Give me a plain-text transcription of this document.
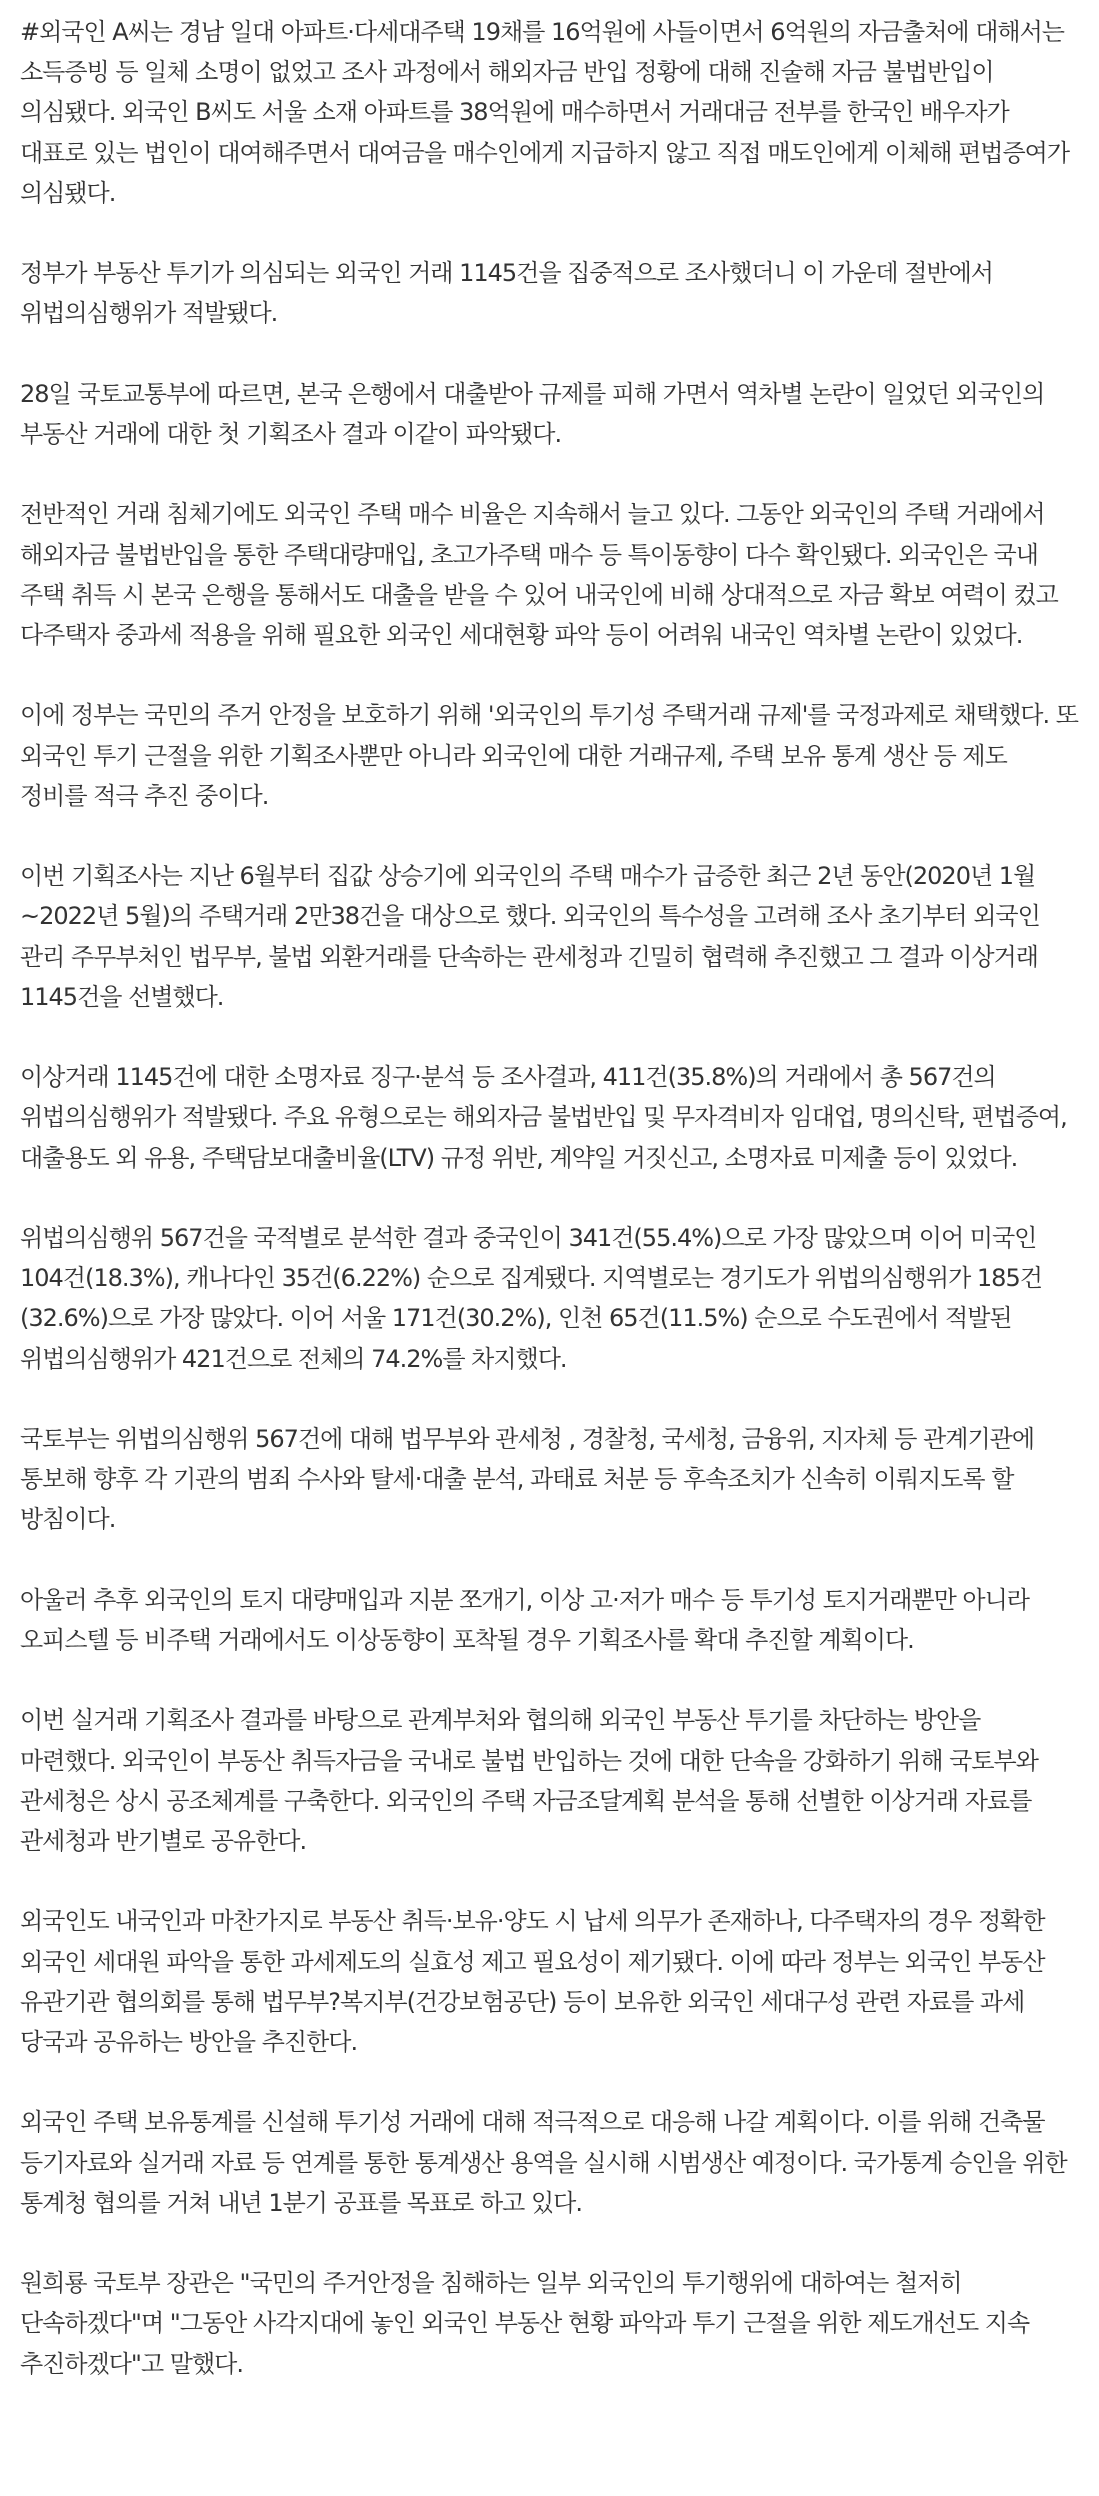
#외국인 A씨는 경남 일대 아파트·다세대주택 19채를 16억원에 사들이면서 6억원의 자금출처에 대해서는 소득증빙 등 일체 소명이 없었고 조사 과정에서 해외자금 반입 정황에 대해 진술해 자금 불법반입이 의심됐다. 외국인 B씨도 서울 소재 아파트를 38억원에 매수하면서 거래대금 전부를 한국인 배우자가 대표로 있는 법인이 대여해주면서 대여금을 매수인에게 지급하지 않고 직접 매도인에게 이체해 편법증여가 의심됐다.

정부가 부동산 투기가 의심되는 외국인 거래 1145건을 집중적으로 조사했더니 이 가운데 절반에서 위법의심행위가 적발됐다.

28일 국토교통부에 따르면, 본국 은행에서 대출받아 규제를 피해 가면서 역차별 논란이 일었던 외국인의 부동산 거래에 대한 첫 기획조사 결과 이같이 파악됐다.

전반적인 거래 침체기에도 외국인 주택 매수 비율은 지속해서 늘고 있다. 그동안 외국인의 주택 거래에서 해외자금 불법반입을 통한 주택대량매입, 초고가주택 매수 등 특이동향이 다수 확인됐다. 외국인은 국내 주택 취득 시 본국 은행을 통해서도 대출을 받을 수 있어 내국인에 비해 상대적으로 자금 확보 여력이 컸고 다주택자 중과세 적용을 위해 필요한 외국인 세대현황 파악 등이 어려워 내국인 역차별 논란이 있었다.

이에 정부는 국민의 주거 안정을 보호하기 위해 '외국인의 투기성 주택거래 규제'를 국정과제로 채택했다. 또 외국인 투기 근절을 위한 기획조사뿐만 아니라 외국인에 대한 거래규제, 주택 보유 통계 생산 등 제도 정비를 적극 추진 중이다.

이번 기획조사는 지난 6월부터 집값 상승기에 외국인의 주택 매수가 급증한 최근 2년 동안(2020년 1월~2022년 5월)의 주택거래 2만38건을 대상으로 했다. 외국인의 특수성을 고려해 조사 초기부터 외국인 관리 주무부처인 법무부, 불법 외환거래를 단속하는 관세청과 긴밀히 협력해 추진했고 그 결과 이상거래 1145건을 선별했다.

이상거래 1145건에 대한 소명자료 징구·분석 등 조사결과, 411건(35.8%)의 거래에서 총 567건의 위법의심행위가 적발됐다. 주요 유형으로는 해외자금 불법반입 및 무자격비자 임대업, 명의신탁, 편법증여, 대출용도 외 유용, 주택담보대출비율(LTV) 규정 위반, 계약일 거짓신고, 소명자료 미제출 등이 있었다.

위법의심행위 567건을 국적별로 분석한 결과 중국인이 341건(55.4%)으로 가장 많았으며 이어 미국인 104건(18.3%), 캐나다인 35건(6.22%) 순으로 집계됐다. 지역별로는 경기도가 위법의심행위가 185건(32.6%)으로 가장 많았다. 이어 서울 171건(30.2%), 인천 65건(11.5%) 순으로 수도권에서 적발된 위법의심행위가 421건으로 전체의 74.2%를 차지했다.

국토부는 위법의심행위 567건에 대해 법무부와 관세청 , 경찰청, 국세청, 금융위, 지자체 등 관계기관에 통보해 향후 각 기관의 범죄 수사와 탈세·대출 분석, 과태료 처분 등 후속조치가 신속히 이뤄지도록 할 방침이다.

아울러 추후 외국인의 토지 대량매입과 지분 쪼개기, 이상 고·저가 매수 등 투기성 토지거래뿐만 아니라 오피스텔 등 비주택 거래에서도 이상동향이 포착될 경우 기획조사를 확대 추진할 계획이다.

이번 실거래 기획조사 결과를 바탕으로 관계부처와 협의해 외국인 부동산 투기를 차단하는 방안을 마련했다. 외국인이 부동산 취득자금을 국내로 불법 반입하는 것에 대한 단속을 강화하기 위해 국토부와 관세청은 상시 공조체계를 구축한다. 외국인의 주택 자금조달계획 분석을 통해 선별한 이상거래 자료를 관세청과 반기별로 공유한다.

외국인도 내국인과 마찬가지로 부동산 취득·보유·양도 시 납세 의무가 존재하나, 다주택자의 경우 정확한 외국인 세대원 파악을 통한 과세제도의 실효성 제고 필요성이 제기됐다. 이에 따라 정부는 외국인 부동산 유관기관 협의회를 통해 법무부?복지부(건강보험공단) 등이 보유한 외국인 세대구성 관련 자료를 과세 당국과 공유하는 방안을 추진한다.

외국인 주택 보유통계를 신설해 투기성 거래에 대해 적극적으로 대응해 나갈 계획이다. 이를 위해 건축물 등기자료와 실거래 자료 등 연계를 통한 통계생산 용역을 실시해 시범생산 예정이다. 국가통계 승인을 위한 통계청 협의를 거쳐 내년 1분기 공표를 목표로 하고 있다.

원희룡 국토부 장관은 "국민의 주거안정을 침해하는 일부 외국인의 투기행위에 대하여는 철저히 단속하겠다"며 "그동안 사각지대에 놓인 외국인 부동산 현황 파악과 투기 근절을 위한 제도개선도 지속 추진하겠다"고 말했다.
